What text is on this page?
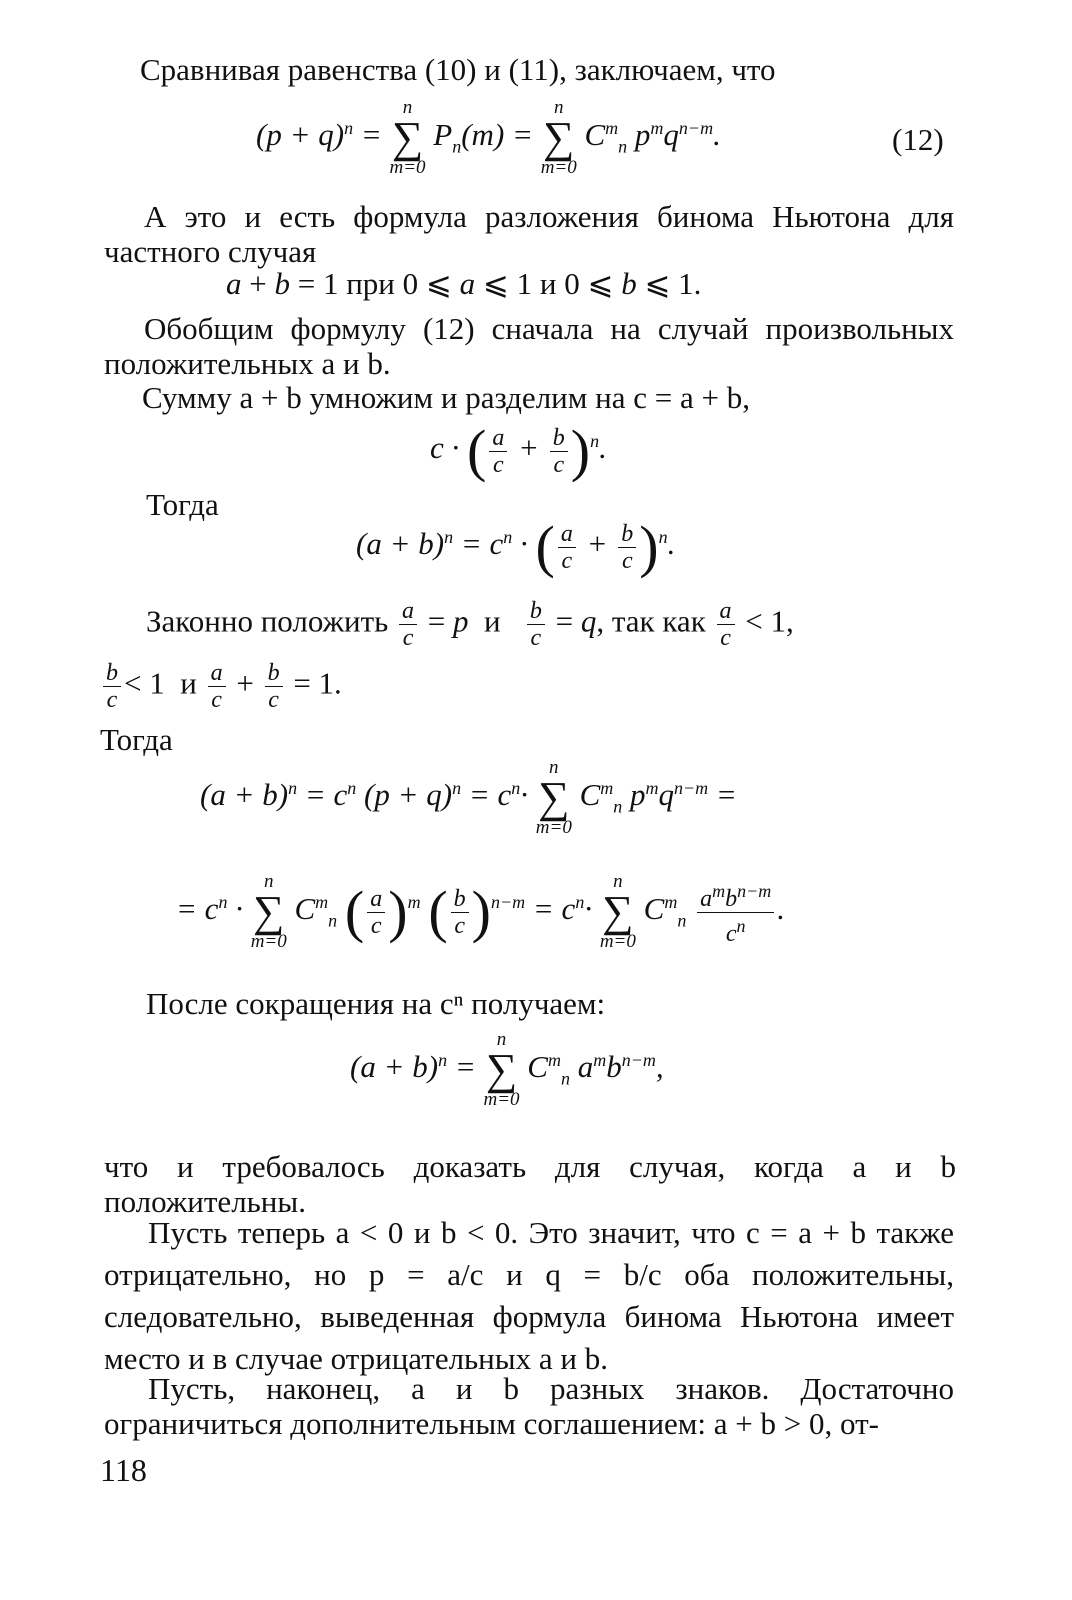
Сравнивая равенства (10) и (11), заключаем, что
$(p + q)^n$ =
n
∑
m=0
$P_n(m)$ =
n
∑
m=0
$C^m_n$ $p^mq^{n-m}$.	(12)
А это и есть формула разложения бинома Ньютона для частного случая
a + b = 1 при 0 ⩽ a ⩽ 1 и 0 ⩽ b ⩽ 1.
Обобщим формулу (12) сначала на случай произвольных положительных a и b.
Сумму a + b умножим и разделим на c = a + b,
c · ( $\frac{a}{c} + \frac{b}{c} )^n$.
Тогда
$(a + b)^n = c^n$ · ( $\frac{a}{c} + \frac{b}{c} )^n$.
Законно положить $\frac{a}{c} = p$  и $\frac{b}{c} = q$, так как $\frac{a}{c} < 1$,
$\frac{b}{c} < 1$  и $\frac{a}{c} + \frac{b}{c} = 1$.
Тогда
$(a + b)^n = c^n$ $(p + q)^n = c^n\cdot$
n
∑
m=0
$C^m_n$ $p^mq^{n-m}$ =
= $c^n$ ·
n
∑
m=0
$C^m_n$ ( $\frac{a}{c} )^m$ ( $\frac{b}{c} )^{n-m} = c^n\cdot$
n
∑
m=0
$C^m_n \frac{a^mb^{n-m}}{c^n}$ .
После сокращения на cⁿ получаем:
$(a + b)^n$ =
n
∑
m=0
$C^m_n$ $a^mb^{n-m}$,
что и требовалось доказать для случая, когда a и b положительны.
Пусть теперь a < 0 и b < 0. Это значит, что c = a + b также отрицательно, но p = a/c и q = b/c оба положительны, следовательно, выведенная формула бинома Ньютона имеет место и в случае отрицательных a и b.
Пусть, наконец, a и b разных знаков. Достаточно ограничиться дополнительным соглашением: a + b > 0, от-
118
